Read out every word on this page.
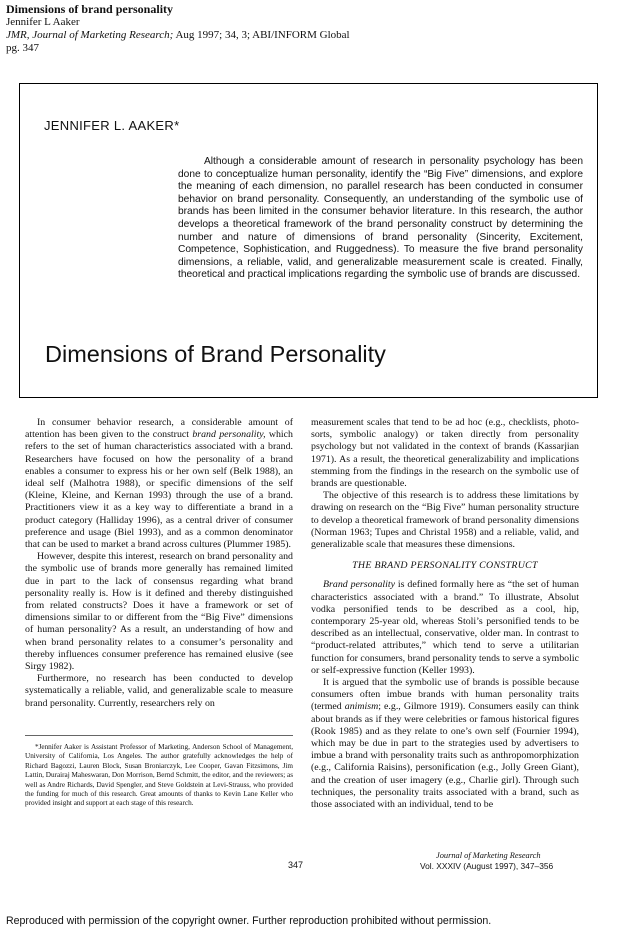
Dimensions of brand personality
Jennifer L Aaker
JMR, Journal of Marketing Research; Aug 1997; 34, 3; ABI/INFORM Global
pg. 347
JENNIFER L. AAKER*

Although a considerable amount of research in personality psychology has been done to conceptualize human personality, identify the “Big Five” dimensions, and explore the meaning of each dimension, no parallel research has been conducted in consumer behavior on brand personality. Consequently, an understanding of the symbolic use of brands has been limited in the consumer behavior literature. In this research, the author develops a theoretical framework of the brand personality construct by determining the number and nature of dimensions of brand personality (Sincerity, Excitement, Competence, Sophistication, and Ruggedness). To measure the five brand personality dimensions, a reliable, valid, and generalizable measurement scale is created. Finally, theoretical and practical implications regarding the symbolic use of brands are discussed.

Dimensions of Brand Personality

In consumer behavior research, a considerable amount of attention has been given to the construct brand personality, which refers to the set of human characteristics associated with a brand. Researchers have focused on how the personality of a brand enables a consumer to express his or her own self (Belk 1988), an ideal self (Malhotra 1988), or specific dimensions of the self (Kleine, Kleine, and Kernan 1993) through the use of a brand. Practitioners view it as a key way to differentiate a brand in a product category (Halliday 1996), as a central driver of consumer preference and usage (Biel 1993), and as a common denominator that can be used to market a brand across cultures (Plummer 1985).

However, despite this interest, research on brand personality and the symbolic use of brands more generally has remained limited due in part to the lack of consensus regarding what brand personality really is. How is it defined and thereby distinguished from related constructs? Does it have a framework or set of dimensions similar to or different from the “Big Five” dimensions of human personality? As a result, an understanding of how and when brand personality relates to a consumer’s personality and thereby influences consumer preference has remained elusive (see Sirgy 1982).

Furthermore, no research has been conducted to develop systematically a reliable, valid, and generalizable scale to measure brand personality. Currently, researchers rely on

measurement scales that tend to be ad hoc (e.g., checklists, photo-sorts, symbolic analogy) or taken directly from personality psychology but not validated in the context of brands (Kassarjian 1971). As a result, the theoretical generalizability and implications stemming from the findings in the research on the symbolic use of brands are questionable.

The objective of this research is to address these limitations by drawing on research on the “Big Five” human personality structure to develop a theoretical framework of brand personality dimensions (Norman 1963; Tupes and Christal 1958) and a reliable, valid, and generalizable scale that measures these dimensions.

THE BRAND PERSONALITY CONSTRUCT

Brand personality is defined formally here as “the set of human characteristics associated with a brand.” To illustrate, Absolut vodka personified tends to be described as a cool, hip, contemporary 25-year old, whereas Stoli’s personified tends to be described as an intellectual, conservative, older man. In contrast to “product-related attributes,” which tend to serve a utilitarian function for consumers, brand personality tends to serve a symbolic or self-expressive function (Keller 1993).

It is argued that the symbolic use of brands is possible because consumers often imbue brands with human personality traits (termed animism; e.g., Gilmore 1919). Consumers easily can think about brands as if they were celebrities or famous historical figures (Rook 1985) and as they relate to one’s own self (Fournier 1994), which may be due in part to the strategies used by advertisers to imbue a brand with personality traits such as anthropomorphization (e.g., California Raisins), personification (e.g., Jolly Green Giant), and the creation of user imagery (e.g., Charlie girl). Through such techniques, the personality traits associated with a brand, such as those associated with an individual, tend to be

*Jennifer Aaker is Assistant Professor of Marketing, Anderson School of Management, University of California, Los Angeles. The author gratefully acknowledges the help of Richard Bagozzi, Lauren Block, Susan Broniarczyk, Lee Cooper, Gavan Fitzsimons, Jim Lattin, Durairaj Maheswaran, Don Morrison, Bernd Schmitt, the editor, and the reviewers; as well as Andre Richards, David Spengler, and Steve Goldstein at Levi-Strauss, who provided the funding for much of this research. Great amounts of thanks to Kevin Lane Keller who provided insight and support at each stage of this research.

347
Journal of Marketing Research
Vol. XXXIV (August 1997), 347–356
Reproduced with permission of the copyright owner. Further reproduction prohibited without permission.
